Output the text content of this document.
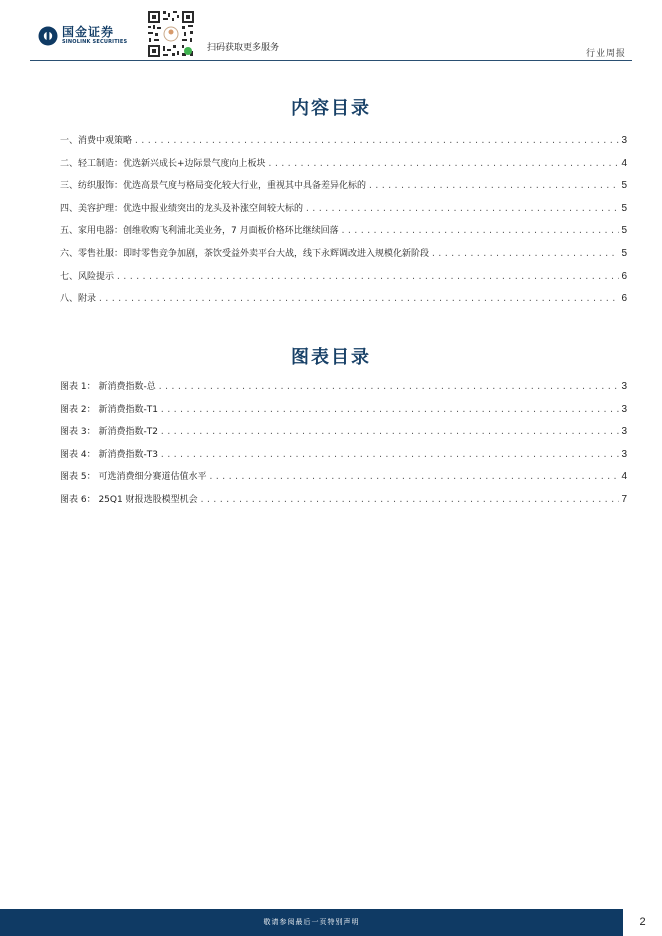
国金证券
SINOLINK SECURITIES
扫码获取更多服务
行业周报
内容目录
一、消费中观策略 .....	3
二、轻工制造：优选新兴成长+边际景气度向上板块 .....	4
三、纺织服饰：优选高景气度与格局变化较大行业，重视其中具备差异化标的 .....	5
四、美容护理：优选中报业绩突出的龙头及补涨空间较大标的 .....	5
五、家用电器：创维收购飞利浦北美业务，7 月面板价格环比继续回落 .....	5
六、零售社服：即时零售竞争加剧，茶饮受益外卖平台大战，线下永辉调改进入规模化新阶段 .....	5
七、风险提示 .....	6
八、附录 .....	6
图表目录
图表 1： 新消费指数-总 .....	3
图表 2： 新消费指数-T1 .....	3
图表 3： 新消费指数-T2 .....	3
图表 4： 新消费指数-T3 .....	3
图表 5： 可选消费细分赛道估值水平 .....	4
图表 6： 25Q1 财报选股模型机会 .....	7
敬请参阅最后一页特别声明	2
